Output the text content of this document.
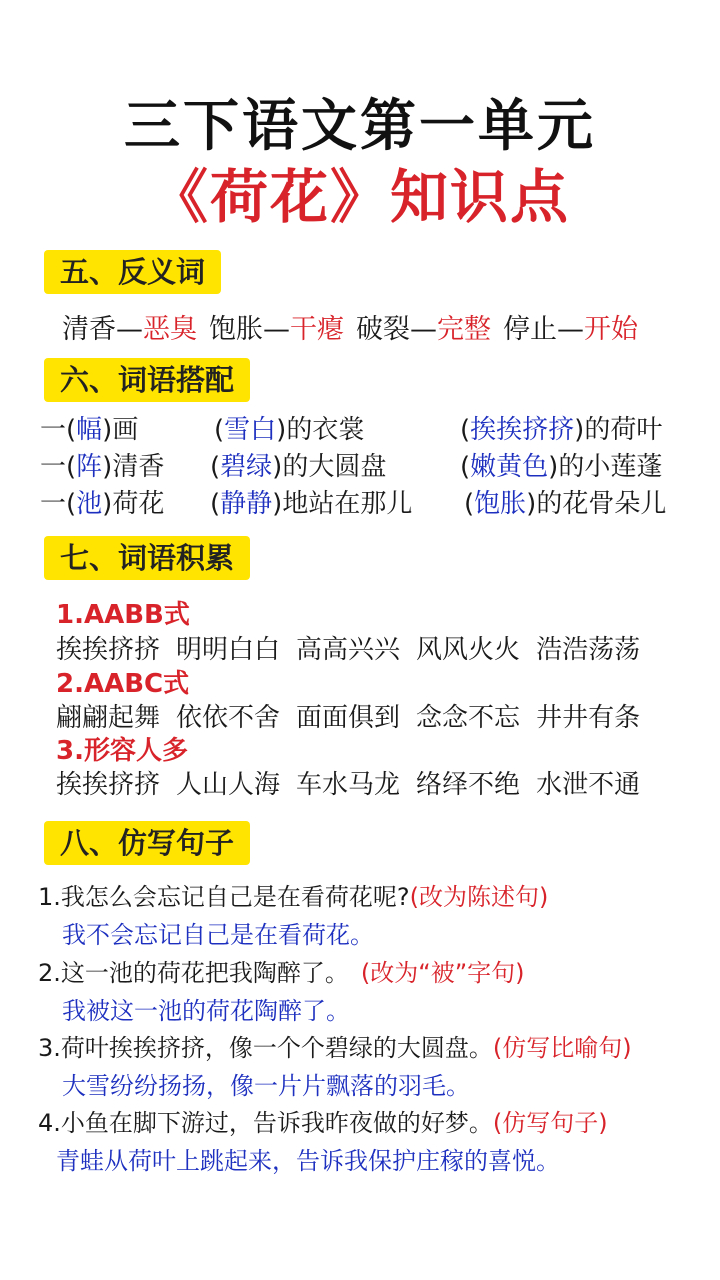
三下语文第一单元
《荷花》知识点
五、反义词
清香—恶臭 饱胀—干瘪 破裂—完整 停止—开始
六、词语搭配
一(幅)画	(雪白)的衣裳	(挨挨挤挤)的荷叶
一(阵)清香 (碧绿)的大圆盘	(嫩黄色)的小莲蓬
一(池)荷花 (静静)地站在那儿 (饱胀)的花骨朵儿
七、词语积累
1.AABB式
挨挨挤挤 明明白白 高高兴兴 风风火火 浩浩荡荡
2.AABC式
翩翩起舞 依依不舍 面面俱到 念念不忘 井井有条
3.形容人多
挨挨挤挤 人山人海 车水马龙 络绎不绝 水泄不通
八、仿写句子
1.我怎么会忘记自己是在看荷花呢?(改为陈述句)
我不会忘记自己是在看荷花。
2.这一池的荷花把我陶醉了。 (改为“被”字句)
我被这一池的荷花陶醉了。
3.荷叶挨挨挤挤，像一个个碧绿的大圆盘。(仿写比喻句)
大雪纷纷扬扬，像一片片飘落的羽毛。
4.小鱼在脚下游过，告诉我昨夜做的好梦。(仿写句子)
青蛙从荷叶上跳起来，告诉我保护庄稼的喜悦。
